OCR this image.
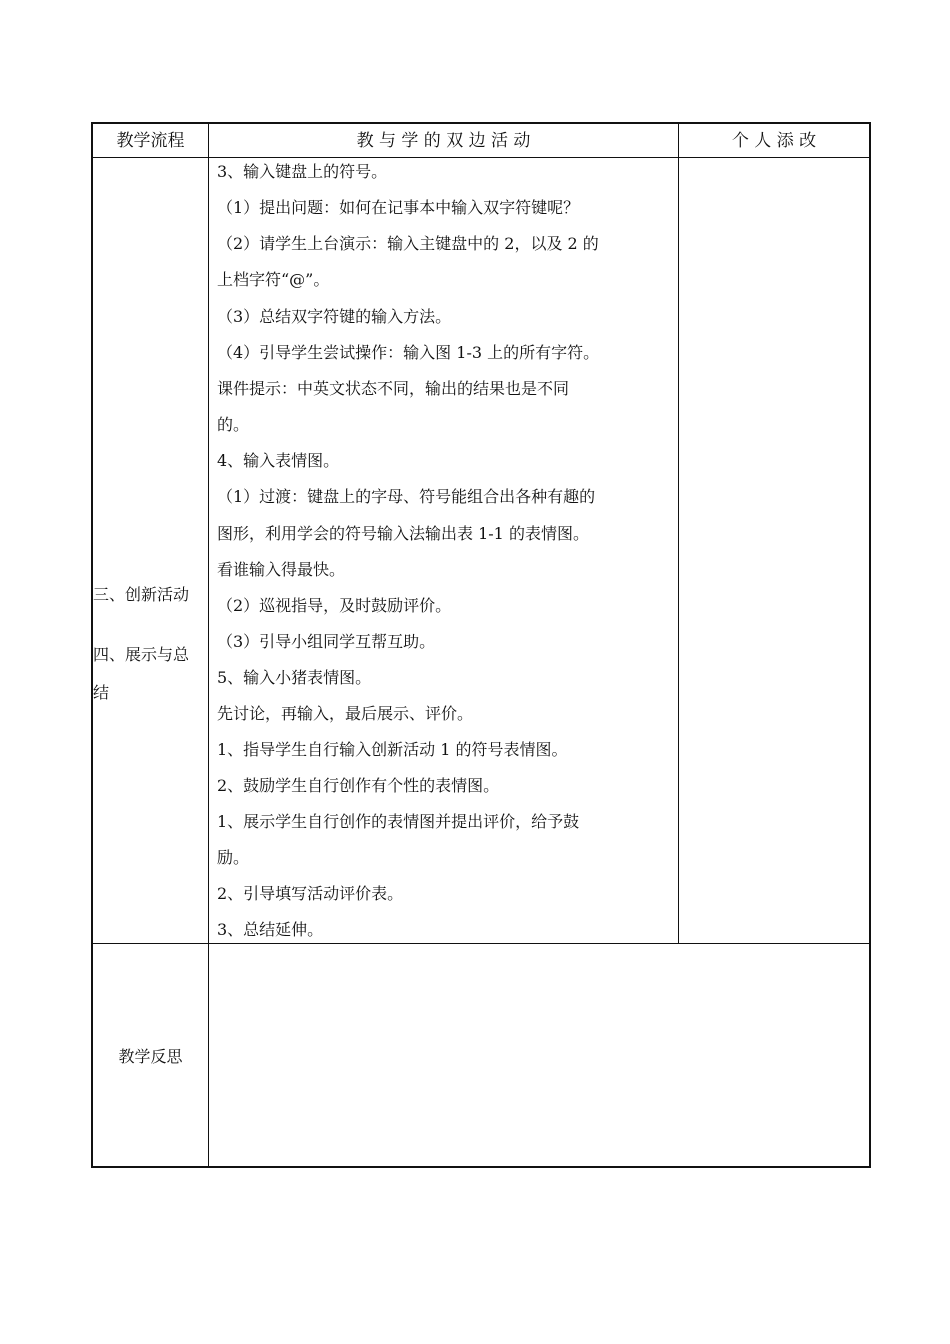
教学流程	教 与 学 的 双 边 活 动	个 人 添 改
三、创新活动
四、展示与总
结
3、输入键盘上的符号。
（1）提出问题：如何在记事本中输入双字符键呢？
（2）请学生上台演示：输入主键盘中的 2，以及 2 的
上档字符“@”。
（3）总结双字符键的输入方法。
（4）引导学生尝试操作：输入图 1-3 上的所有字符。
课件提示：中英文状态不同，输出的结果也是不同
的。
4、输入表情图。
（1）过渡：键盘上的字母、符号能组合出各种有趣的
图形，利用学会的符号输入法输出表 1-1 的表情图。
看谁输入得最快。
（2）巡视指导，及时鼓励评价。
（3）引导小组同学互帮互助。
5、输入小猪表情图。
先讨论，再输入，最后展示、评价。
1、指导学生自行输入创新活动 1 的符号表情图。
2、鼓励学生自行创作有个性的表情图。
1、展示学生自行创作的表情图并提出评价，给予鼓
励。
2、引导填写活动评价表。
3、总结延伸。
教学反思
